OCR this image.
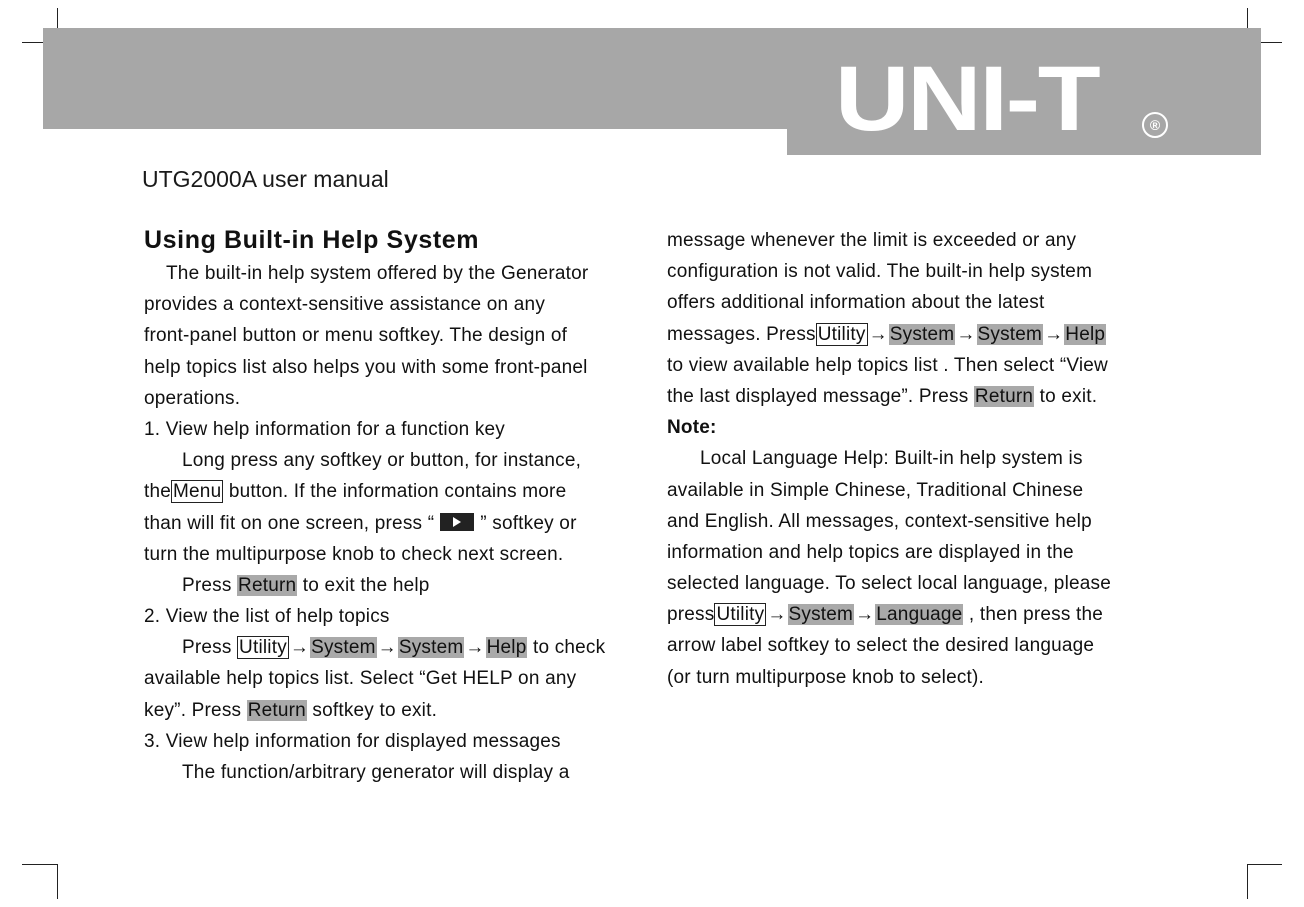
UNI-T	®
UTG2000A user manual
Using Built-in Help System
The built-in help system offered by the Generator
provides a context-sensitive assistance on any
front-panel button or menu softkey. The design of
help topics list also helps you with some front-panel
operations.
1. View help information for a function key
Long press any softkey or button, for instance,
the Menu button. If the information contains more
than will fit on one screen, press “ ” softkey or
turn the multipurpose knob to check next screen.
Press Return to exit the help
2. View the list of help topics
Press Utility → System → System → Help to check
available help topics list. Select “Get HELP on any
key”. Press Return softkey to exit.
3. View help information for displayed messages
The function/arbitrary generator will display a
message whenever the limit is exceeded or any
configuration is not valid. The built-in help system
offers additional information about the latest
messages. Press Utility → System → System → Help
to view available help topics list . Then select “View
the last displayed message”. Press Return to exit.
Note:
Local Language Help: Built-in help system is
available in Simple Chinese, Traditional Chinese
and English. All messages, context-sensitive help
information and help topics are displayed in the
selected language. To select local language, please
press Utility → System → Language , then press the
arrow label softkey to select the desired language
(or turn multipurpose knob to select).
